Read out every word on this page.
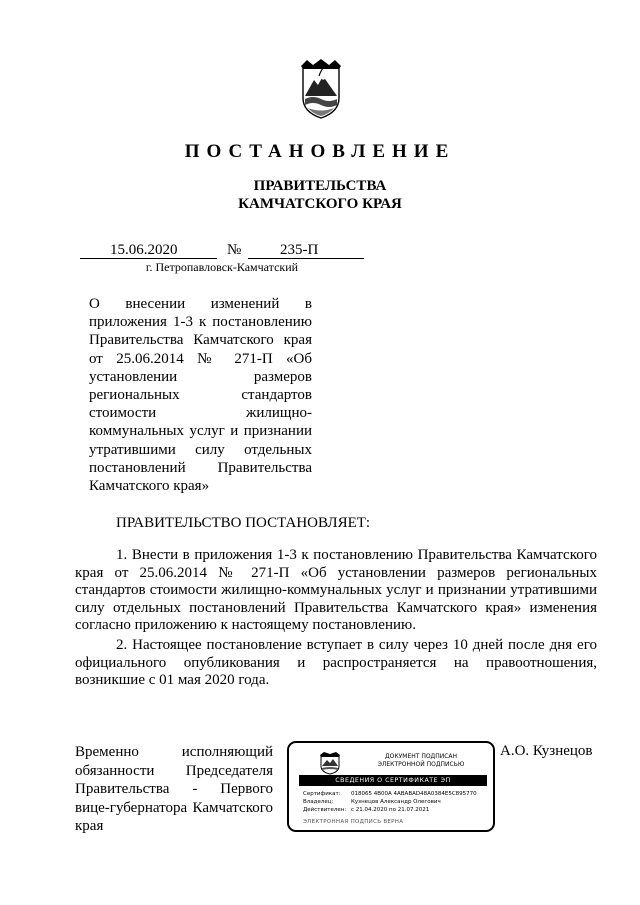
ПОСТАНОВЛЕНИЕ
ПРАВИТЕЛЬСТВА
КАМЧАТСКОГО КРАЯ
15.06.2020	№	235-П
г. Петропавловск-Камчатский
О внесении изменений в приложения 1-3 к постановлению Правительства Камчатского края от 25.06.2014 № 271-П «Об установлении размеров региональных стандартов стоимости жилищно-коммунальных услуг и признании утратившими силу отдельных постановлений Правительства Камчатского края»
ПРАВИТЕЛЬСТВО ПОСТАНОВЛЯЕТ:
1. Внести в приложения 1-3 к постановлению Правительства Камчатского края от 25.06.2014 № 271-П «Об установлении размеров региональных стандартов стоимости жилищно-коммунальных услуг и признании утратившими силу отдельных постановлений Правительства Камчатского края» изменения согласно приложению к настоящему постановлению.
2. Настоящее постановление вступает в силу через 10 дней после дня его официального опубликования и распространяется на правоотношения, возникшие с 01 мая 2020 года.
Временно исполняющий обязанности Председателя Правительства - Первого вице-губернатора Камчатского края
А.О. Кузнецов
ДОКУМЕНТ ПОДПИСАН
ЭЛЕКТРОННОЙ ПОДПИСЬЮ
СВЕДЕНИЯ О СЕРТИФИКАТЕ ЭП
Сертификат: 018065 4B00A 4ABABAD48A0384E5C895770
Владелец:	Кузнецов Александр Олегович
Действителен: с 21.04.2020 по 21.07.2021
ЭЛЕКТРОННАЯ ПОДПИСЬ ВЕРНА
